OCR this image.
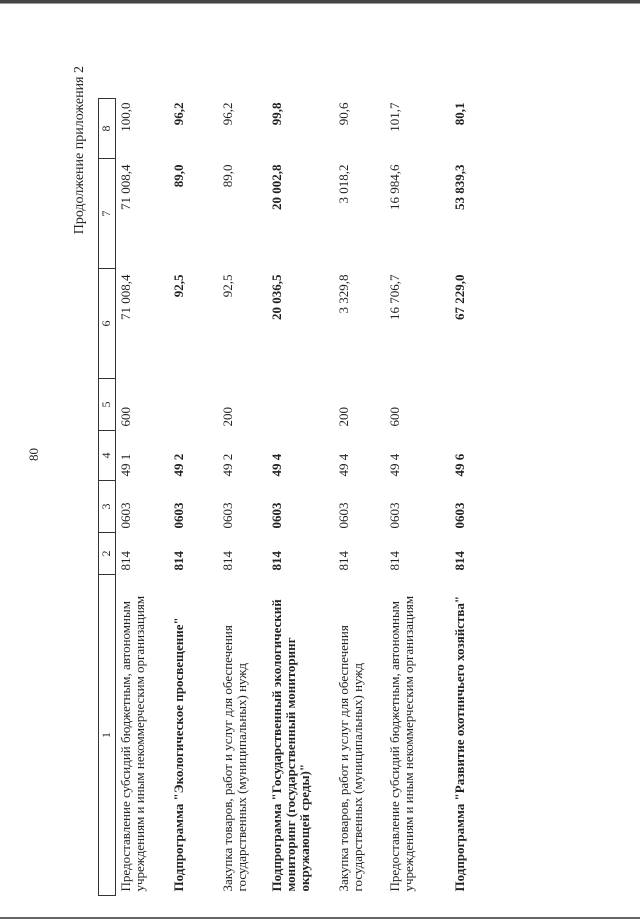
80
Продолжение приложения 2
1	2	3	4	5	6	7	8
Предоставление субсидий бюджетным, автономным учреждениям и иным некоммерческим организациям	814	0603	49 1	600	71 008,4	71 008,4	100,0
Подпрограмма "Экологическое просвещение"	814	0603	49 2		92,5	89,0	96,2
Закупка товаров, работ и услуг для обеспечения государственных (муниципальных) нужд	814	0603	49 2	200	92,5	89,0	96,2
Подпрограмма "Государственный экологический мониторинг (государственный мониторинг окружающей среды)"	814	0603	49 4		20 036,5	20 002,8	99,8
Закупка товаров, работ и услуг для обеспечения государственных (муниципальных) нужд	814	0603	49 4	200	3 329,8	3 018,2	90,6
Предоставление субсидий бюджетным, автономным учреждениям и иным некоммерческим организациям	814	0603	49 4	600	16 706,7	16 984,6	101,7
Подпрограмма "Развитие охотничьего хозяйства"	814	0603	49 6		67 229,0	53 839,3	80,1
